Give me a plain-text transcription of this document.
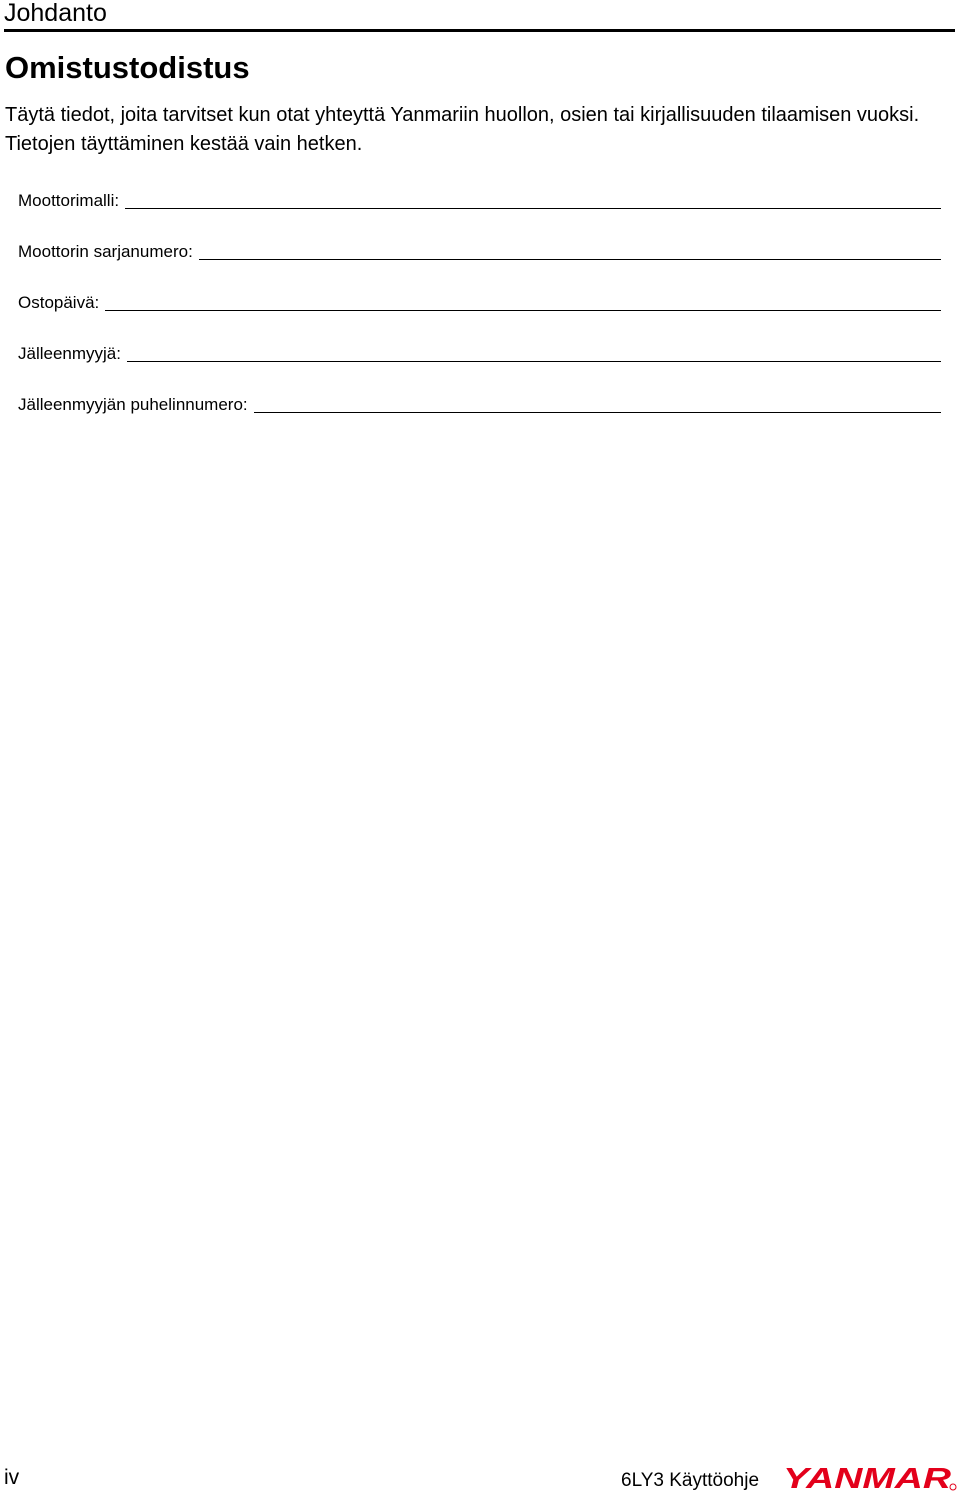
Johdanto
Omistustodistus

Täytä tiedot, joita tarvitset kun otat yhteyttä Yanmariin huollon, osien tai kirjallisuuden tilaamisen vuoksi. Tietojen täyttäminen kestää vain hetken.

Moottorimalli:
Moottorin sarjanumero:
Ostopäivä:
Jälleenmyyjä:
Jälleenmyyjän puhelinnumero:
iv	6LY3 Käyttöohje YANMAR
